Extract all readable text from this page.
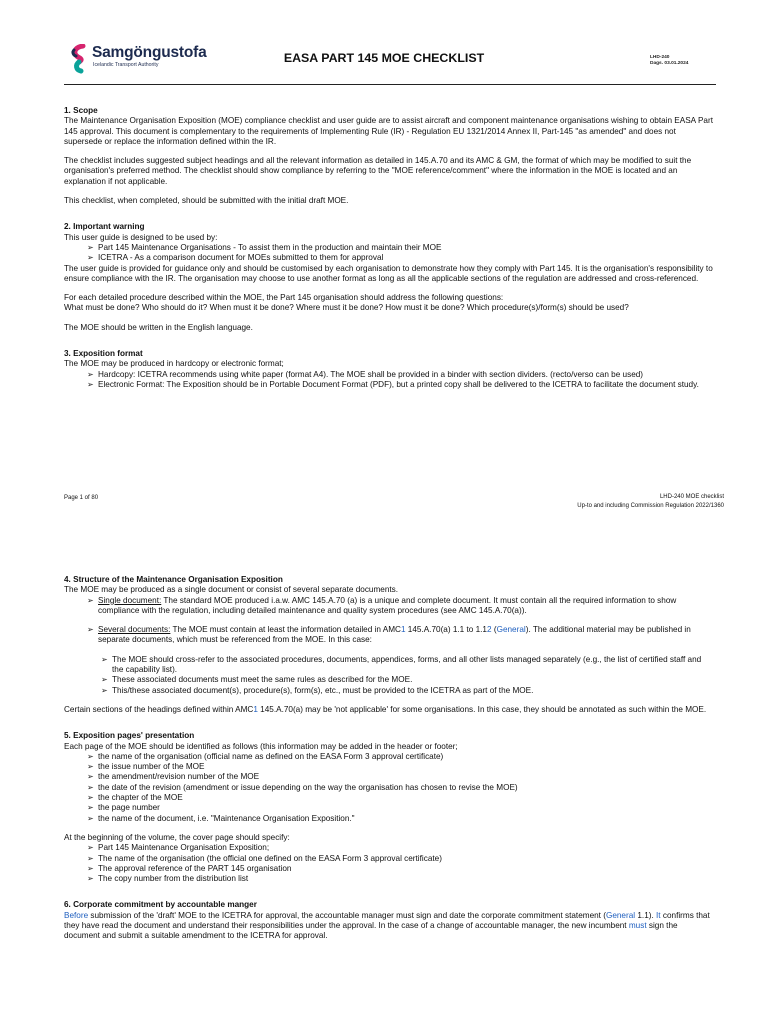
Samgöngustofa
Icelandic Transport Authority	EASA PART 145 MOE CHECKLIST	LHD-240
Dags. 03.01.2024

1. Scope

The Maintenance Organisation Exposition (MOE) compliance checklist and user guide are to assist aircraft and component maintenance organisations wishing to obtain EASA Part 145 approval. This document is complementary to the requirements of Implementing Rule (IR) - Regulation EU 1321/2014 Annex II, Part-145 "as amended" and does not supersede or replace the information defined within the IR.

The checklist includes suggested subject headings and all the relevant information as detailed in 145.A.70 and its AMC & GM, the format of which may be modified to suit the organisation's preferred method. The checklist should show compliance by referring to the "MOE reference/comment" where the information in the MOE is located and an explanation if not applicable.

This checklist, when completed, should be submitted with the initial draft MOE.

2. Important warning

This user guide is designed to be used by:

➢ Part 145 Maintenance Organisations - To assist them in the production and maintain their MOE
➢ ICETRA - As a comparison document for MOEs submitted to them for approval

The user guide is provided for guidance only and should be customised by each organisation to demonstrate how they comply with Part 145. It is the organisation's responsibility to ensure compliance with the IR. The organisation may choose to use another format as long as all the applicable sections of the regulation are addressed and cross-referenced.

For each detailed procedure described within the MOE, the Part 145 organisation should address the following questions:

What must be done? Who should do it? When must it be done? Where must it be done? How must it be done? Which procedure(s)/form(s) should be used?

The MOE should be written in the English language.

3. Exposition format

The MOE may be produced in hardcopy or electronic format;

➢ Hardcopy: ICETRA recommends using white paper (format A4). The MOE shall be provided in a binder with section dividers. (recto/verso can be used)
➢ Electronic Format: The Exposition should be in Portable Document Format (PDF), but a printed copy shall be delivered to the ICETRA to facilitate the document study.
Page 1 of 80	LHD-240 MOE checklist
Up-to and including Commission Regulation 2022/1360

4. Structure of the Maintenance Organisation Exposition

The MOE may be produced as a single document or consist of several separate documents.

➢ Single document: The standard MOE produced i.a.w. AMC 145.A.70 (a) is a unique and complete document. It must contain all the required information to show compliance with the regulation, including detailed maintenance and quality system procedures (see AMC 145.A.70(a)).
➢ Several documents: The MOE must contain at least the information detailed in AMC1 145.A.70(a) 1.1 to 1.12 (General). The additional material may be published in separate documents, which must be referenced from the MOE. In this case:
➢ The MOE should cross-refer to the associated procedures, documents, appendices, forms, and all other lists managed separately (e.g., the list of certified staff and the capability list).
➢ These associated documents must meet the same rules as described for the MOE.
➢ This/these associated document(s), procedure(s), form(s), etc., must be provided to the ICETRA as part of the MOE.

Certain sections of the headings defined within AMC1 145.A.70(a) may be 'not applicable' for some organisations. In this case, they should be annotated as such within the MOE.

5. Exposition pages' presentation

Each page of the MOE should be identified as follows (this information may be added in the header or footer;

➢ the name of the organisation (official name as defined on the EASA Form 3 approval certificate)
➢ the issue number of the MOE
➢ the amendment/revision number of the MOE
➢ the date of the revision (amendment or issue depending on the way the organisation has chosen to revise the MOE)
➢ the chapter of the MOE
➢ the page number
➢ the name of the document, i.e. "Maintenance Organisation Exposition."

At the beginning of the volume, the cover page should specify:

➢ Part 145 Maintenance Organisation Exposition;
➢ The name of the organisation (the official one defined on the EASA Form 3 approval certificate)
➢ The approval reference of the PART 145 organisation
➢ The copy number from the distribution list

6. Corporate commitment by accountable manger

Before submission of the 'draft' MOE to the ICETRA for approval, the accountable manager must sign and date the corporate commitment statement (General 1.1). It confirms that they have read the document and understand their responsibilities under the approval. In the case of a change of accountable manager, the new incumbent must sign the document and submit a suitable amendment to the ICETRA for approval.
